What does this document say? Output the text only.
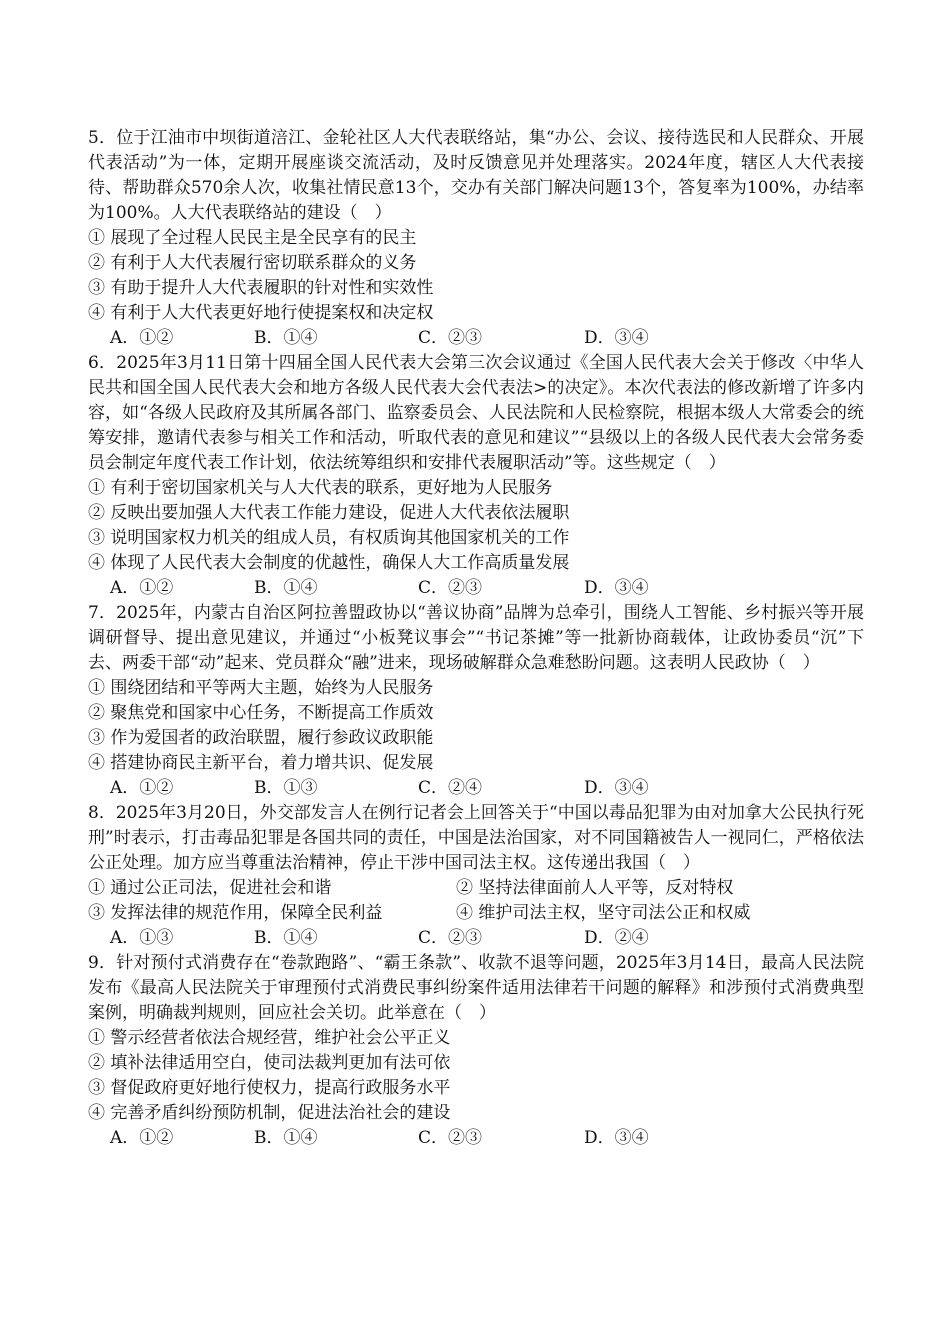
5．位于江油市中坝街道涪江、金轮社区人大代表联络站，集“办公、会议、接待选民和人民群众、开展代表活动”为一体，定期开展座谈交流活动，及时反馈意见并处理落实。2024年度，辖区人大代表接待、帮助群众570余人次，收集社情民意13个，交办有关部门解决问题13个，答复率为100%，办结率为100%。人大代表联络站的建设（　）
① 展现了全过程人民民主是全民享有的民主
② 有利于人大代表履行密切联系群众的义务
③ 有助于提升人大代表履职的针对性和实效性
④ 有利于人大代表更好地行使提案权和决定权
A．①②	B．①④	C．②③	D．③④
6．2025年3月11日第十四届全国人民代表大会第三次会议通过《全国人民代表大会关于修改〈中华人民共和国全国人民代表大会和地方各级人民代表大会代表法>的决定》。本次代表法的修改新增了许多内容，如“各级人民政府及其所属各部门、监察委员会、人民法院和人民检察院，根据本级人大常委会的统筹安排，邀请代表参与相关工作和活动，听取代表的意见和建议”“县级以上的各级人民代表大会常务委员会制定年度代表工作计划，依法统筹组织和安排代表履职活动”等。这些规定（　）
① 有利于密切国家机关与人大代表的联系，更好地为人民服务
② 反映出要加强人大代表工作能力建设，促进人大代表依法履职
③ 说明国家权力机关的组成人员，有权质询其他国家机关的工作
④ 体现了人民代表大会制度的优越性，确保人大工作高质量发展
A．①②	B．①④	C．②③	D．③④
7．2025年，内蒙古自治区阿拉善盟政协以“善议协商”品牌为总牵引，围绕人工智能、乡村振兴等开展调研督导、提出意见建议，并通过“小板凳议事会”“书记茶摊”等一批新协商载体，让政协委员“沉”下去、两委干部“动”起来、党员群众“融”进来，现场破解群众急难愁盼问题。这表明人民政协（　）
① 围绕团结和平等两大主题，始终为人民服务
② 聚焦党和国家中心任务，不断提高工作质效
③ 作为爱国者的政治联盟，履行参政议政职能
④ 搭建协商民主新平台，着力增共识、促发展
A．①②	B．①③	C．②④	D．③④
8．2025年3月20日，外交部发言人在例行记者会上回答关于“中国以毒品犯罪为由对加拿大公民执行死刑”时表示，打击毒品犯罪是各国共同的责任，中国是法治国家，对不同国籍被告人一视同仁，严格依法公正处理。加方应当尊重法治精神，停止干涉中国司法主权。这传递出我国（　）
① 通过公正司法，促进社会和谐	② 坚持法律面前人人平等，反对特权
③ 发挥法律的规范作用，保障全民利益	④ 维护司法主权，坚守司法公正和权威
A．①③	B．①④	C．②③	D．②④
9．针对预付式消费存在“卷款跑路”、“霸王条款”、收款不退等问题，2025年3月14日，最高人民法院发布《最高人民法院关于审理预付式消费民事纠纷案件适用法律若干问题的解释》和涉预付式消费典型案例，明确裁判规则，回应社会关切。此举意在（　）
① 警示经营者依法合规经营，维护社会公平正义
② 填补法律适用空白，使司法裁判更加有法可依
③ 督促政府更好地行使权力，提高行政服务水平
④ 完善矛盾纠纷预防机制，促进法治社会的建设
A．①②	B．①④	C．②③	D．③④
